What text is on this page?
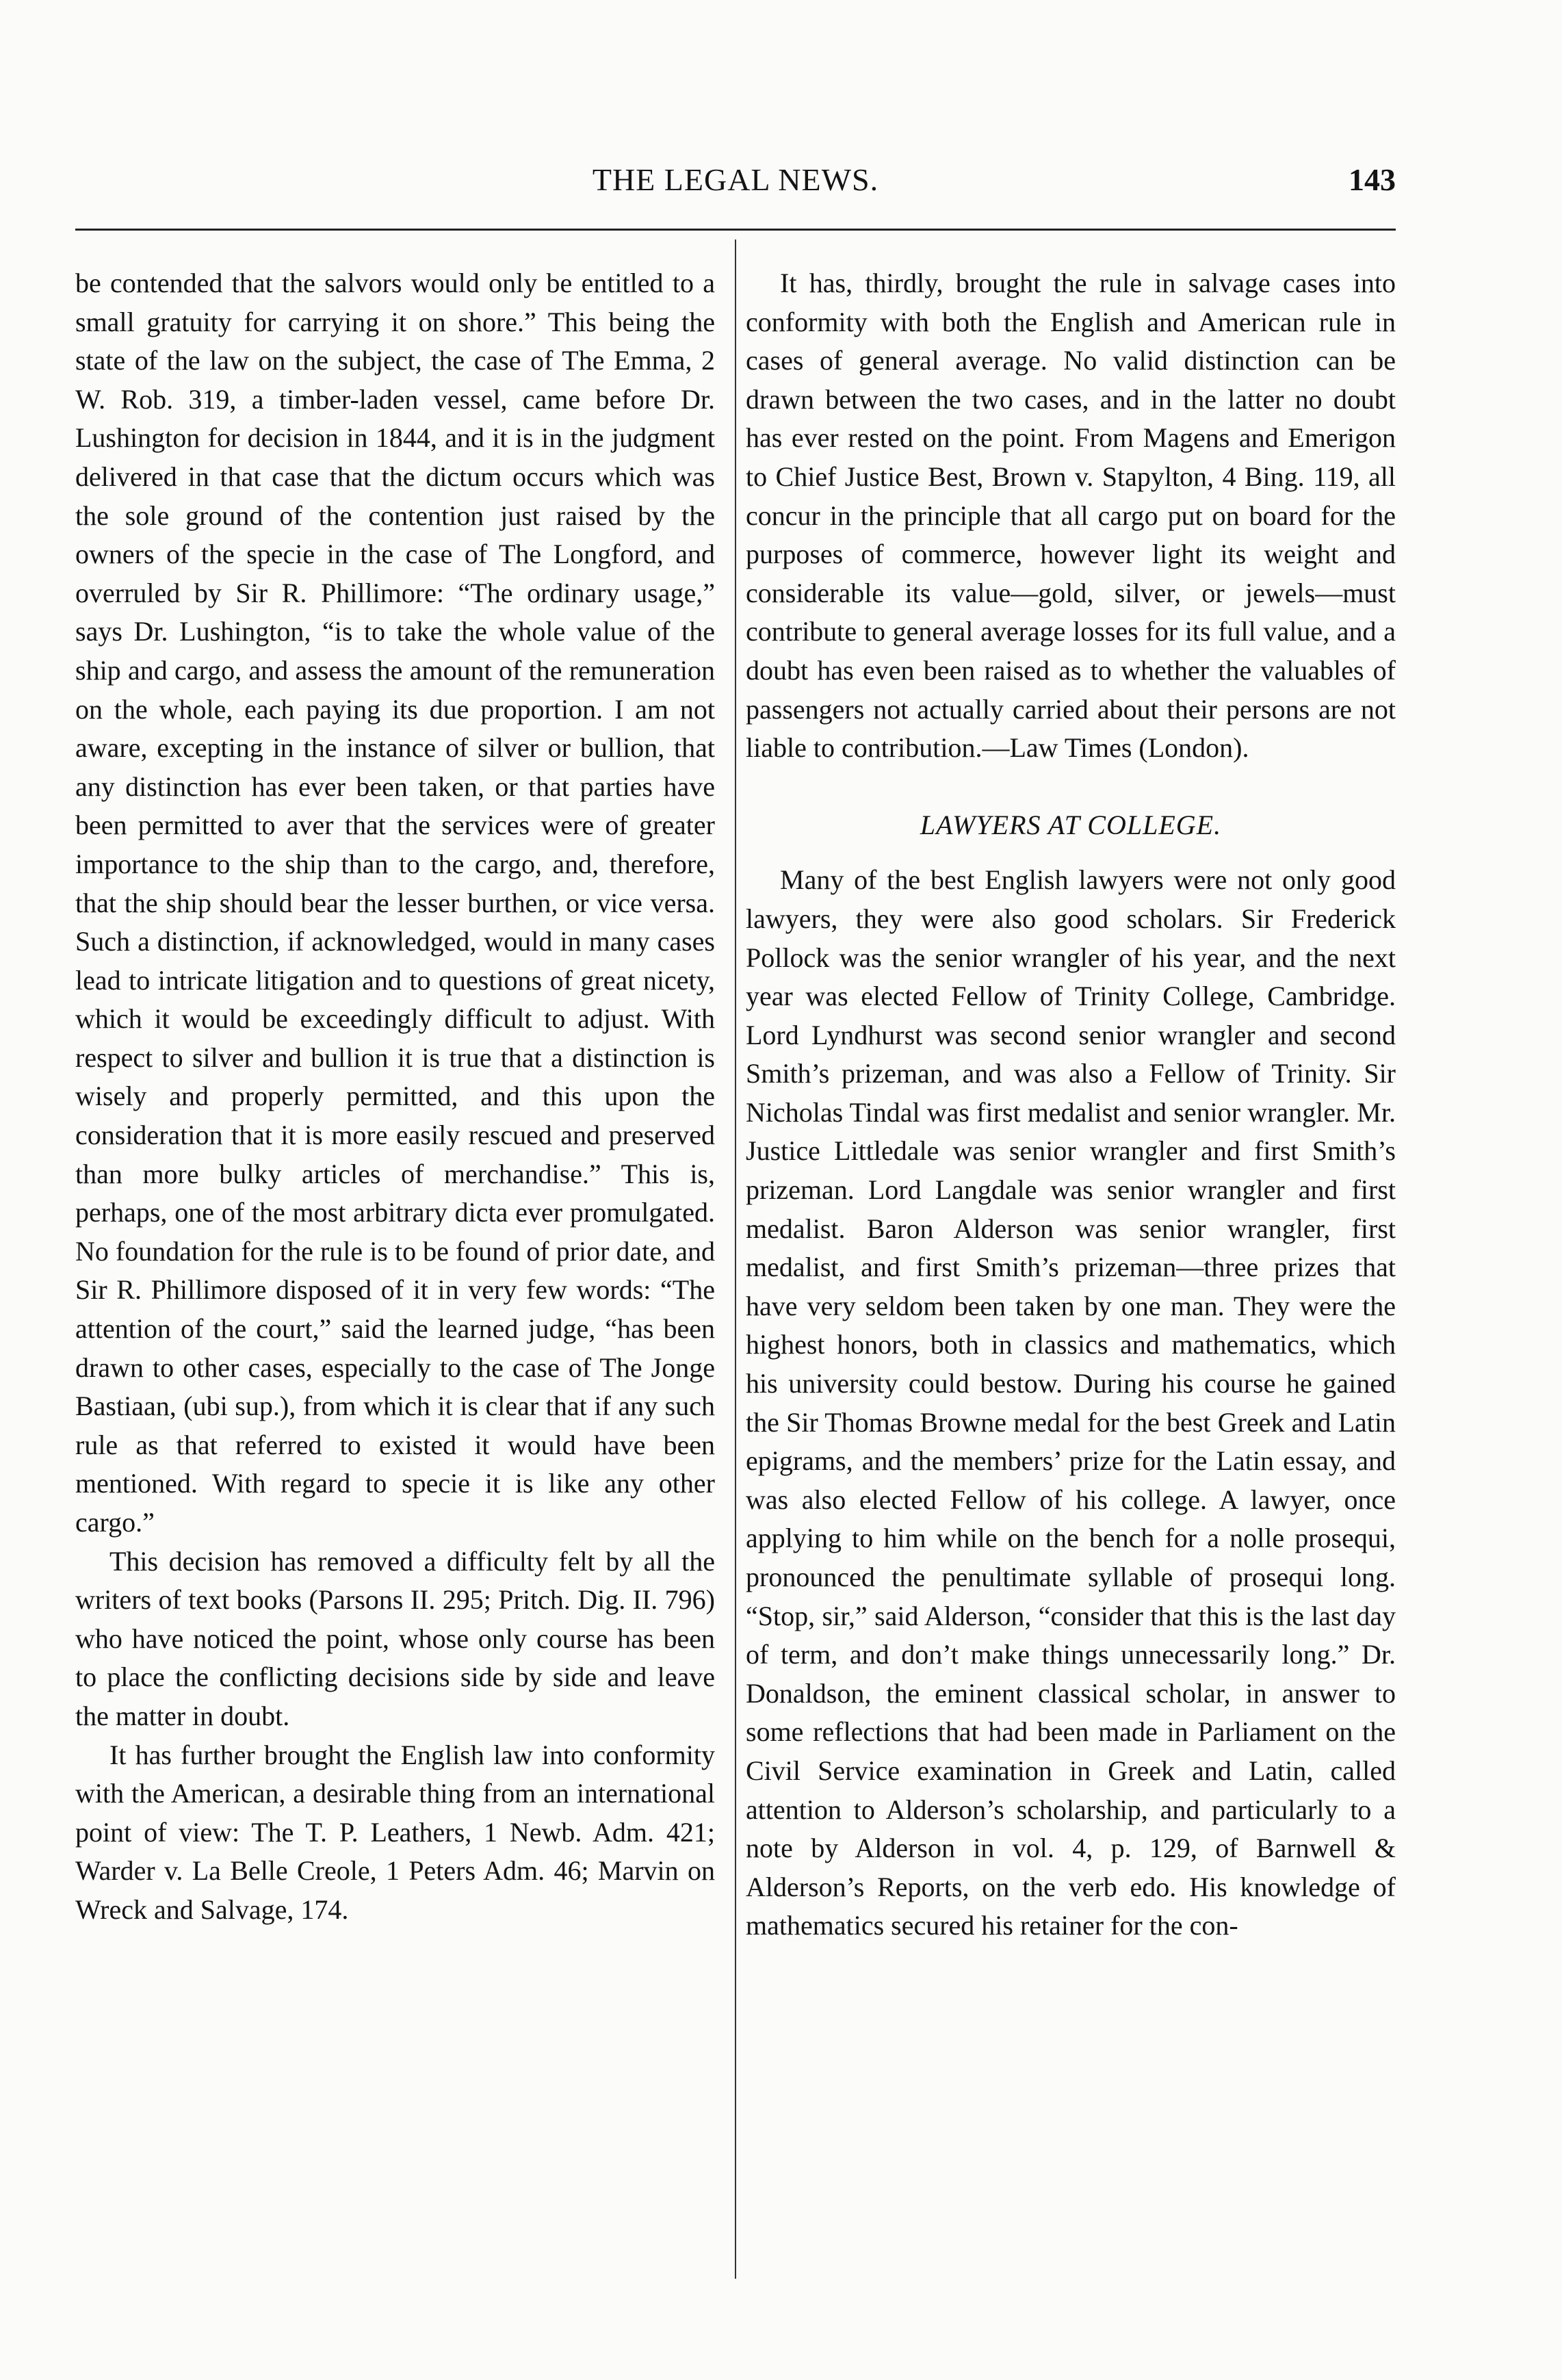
THE LEGAL NEWS.	143

be contended that the salvors would only be entitled to a small gratuity for carrying it on shore.” This being the state of the law on the subject, the case of The Emma, 2 W. Rob. 319, a timber-laden vessel, came before Dr. Lushington for decision in 1844, and it is in the judgment delivered in that case that the dictum occurs which was the sole ground of the contention just raised by the owners of the specie in the case of The Longford, and overruled by Sir R. Phillimore: “The ordinary usage,” says Dr. Lushington, “is to take the whole value of the ship and cargo, and assess the amount of the remuneration on the whole, each paying its due proportion. I am not aware, excepting in the instance of silver or bullion, that any distinction has ever been taken, or that parties have been permitted to aver that the services were of greater importance to the ship than to the cargo, and, therefore, that the ship should bear the lesser burthen, or vice versa. Such a distinction, if acknowledged, would in many cases lead to intricate litigation and to questions of great nicety, which it would be exceedingly difficult to adjust. With respect to silver and bullion it is true that a distinction is wisely and properly permitted, and this upon the consideration that it is more easily rescued and preserved than more bulky articles of merchandise.” This is, perhaps, one of the most arbitrary dicta ever promulgated. No foundation for the rule is to be found of prior date, and Sir R. Phillimore disposed of it in very few words: “The attention of the court,” said the learned judge, “has been drawn to other cases, especially to the case of The Jonge Bastiaan, (ubi sup.), from which it is clear that if any such rule as that referred to existed it would have been mentioned. With regard to specie it is like any other cargo.”

This decision has removed a difficulty felt by all the writers of text books (Parsons II. 295; Pritch. Dig. II. 796) who have noticed the point, whose only course has been to place the conflicting decisions side by side and leave the matter in doubt.

It has further brought the English law into conformity with the American, a desirable thing from an international point of view: The T. P. Leathers, 1 Newb. Adm. 421; Warder v. La Belle Creole, 1 Peters Adm. 46; Marvin on Wreck and Salvage, 174.

It has, thirdly, brought the rule in salvage cases into conformity with both the English and American rule in cases of general average. No valid distinction can be drawn between the two cases, and in the latter no doubt has ever rested on the point. From Magens and Emerigon to Chief Justice Best, Brown v. Stapylton, 4 Bing. 119, all concur in the principle that all cargo put on board for the purposes of commerce, however light its weight and considerable its value—gold, silver, or jewels—must contribute to general average losses for its full value, and a doubt has even been raised as to whether the valuables of passengers not actually carried about their persons are not liable to contribution.—Law Times (London).

LAWYERS AT COLLEGE.

Many of the best English lawyers were not only good lawyers, they were also good scholars. Sir Frederick Pollock was the senior wrangler of his year, and the next year was elected Fellow of Trinity College, Cambridge. Lord Lyndhurst was second senior wrangler and second Smith’s prizeman, and was also a Fellow of Trinity. Sir Nicholas Tindal was first medalist and senior wrangler. Mr. Justice Littledale was senior wrangler and first Smith’s prizeman. Lord Langdale was senior wrangler and first medalist. Baron Alderson was senior wrangler, first medalist, and first Smith’s prizeman—three prizes that have very seldom been taken by one man. They were the highest honors, both in classics and mathematics, which his university could bestow. During his course he gained the Sir Thomas Browne medal for the best Greek and Latin epigrams, and the members’ prize for the Latin essay, and was also elected Fellow of his college. A lawyer, once applying to him while on the bench for a nolle prosequi, pronounced the penultimate syllable of prosequi long. “Stop, sir,” said Alderson, “consider that this is the last day of term, and don’t make things unnecessarily long.” Dr. Donaldson, the eminent classical scholar, in answer to some reflections that had been made in Parliament on the Civil Service examination in Greek and Latin, called attention to Alderson’s scholarship, and particularly to a note by Alderson in vol. 4, p. 129, of Barnwell & Alderson’s Reports, on the verb edo. His knowledge of mathematics secured his retainer for the con-
